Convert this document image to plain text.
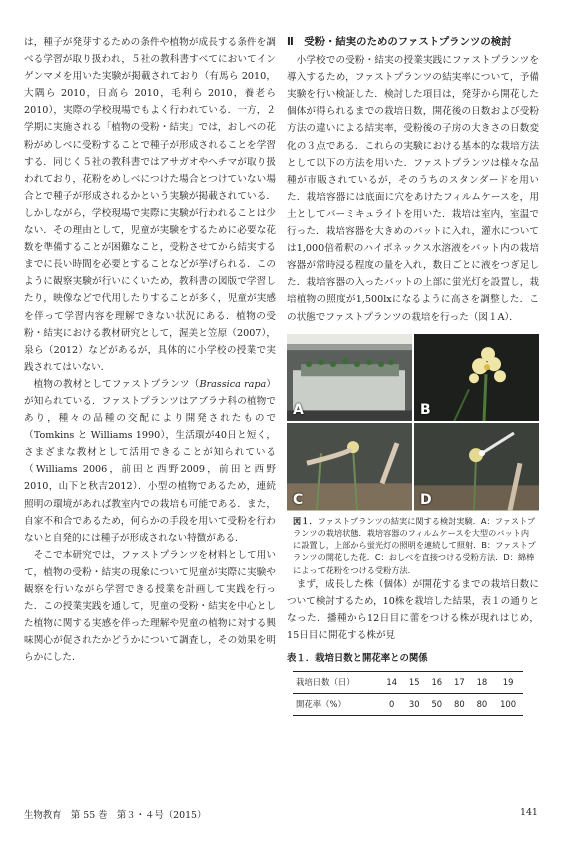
は，種子が発芽するための条件や植物が成長する条件を調べる学習が取り扱われ，５社の教科書すべてにおいてインゲンマメを用いた実験が掲載されており（有馬ら 2010，大隅ら 2010，日高ら 2010，毛利ら 2010，養老ら 2010），実際の学校現場でもよく行われている．一方，２学期に実施される「植物の受粉・結実」では，おしべの花粉がめしべに受粉することで種子が形成されることを学習する．同じく５社の教科書ではアサガオやヘチマが取り扱われており，花粉をめしべにつけた場合とつけていない場合とで種子が形成されるかという実験が掲載されている．しかしながら，学校現場で実際に実験が行われることは少ない．その理由として，児童が実験をするために必要な花数を準備することが困難なこと，受粉させてから結実するまでに長い時間を必要とすることなどが挙げられる．このように観察実験が行いにくいため，教科書の図版で学習したり，映像などで代用したりすることが多く，児童が実感を伴って学習内容を理解できない状況にある．植物の受粉・結実における教材研究として，渥美と笠原（2007），泉ら（2012）などがあるが，具体的に小学校の授業で実践されてはいない．

植物の教材としてファストプランツ（Brassica rapa）が知られている．ファストプランツはアブラナ科の植物であり，種々の品種の交配により開発されたもので（Tomkins と Williams 1990），生活環が40日と短く，さまざまな教材として活用できることが知られている（Williams 2006，前田と西野2009，前田と西野2010，山下と秋吉2012）．小型の植物であるため，連続照明の環境があれば教室内での栽培も可能である．また，自家不和合であるため，何らかの手段を用いて受粉を行わないと自発的には種子が形成されない特徴がある．

そこで本研究では，ファストプランツを材料として用いて，植物の受粉・結実の現象について児童が実際に実験や観察を行いながら学習できる授業を計画して実践を行った．この授業実践を通して，児童の受粉・結実を中心とした植物に関する実感を伴った理解や児童の植物に対する興味関心が促されたかどうかについて調査し，その効果を明らかにした．

Ⅱ　受粉・結実のためのファストプランツの検討

小学校での受粉・結実の授業実践にファストプランツを導入するため，ファストプランツの結実率について，予備実験を行い検証した．検討した項目は，発芽から開花した個体が得られるまでの栽培日数，開花後の日数および受粉方法の違いによる結実率，受粉後の子房の大きさの日数変化の３点である．これらの実験における基本的な栽培方法として以下の方法を用いた．ファストプランツは様々な品種が市販されているが，そのうちのスタンダードを用いた．栽培容器には底面に穴をあけたフィルムケースを，用土としてバーミキュライトを用いた．栽培は室内，室温で行った．栽培容器を大きめのバットに入れ，灌水については1,000倍希釈のハイポネックス水溶液をバット内の栽培容器が常時浸る程度の量を入れ，数日ごとに液をつぎ足した．栽培容器の入ったバットの上部に蛍光灯を設置し，栽培植物の照度が1,500lxになるように高さを調整した．この状態でファストプランツの栽培を行った（図１A）．

A	B
C	D
図１．ファストプランツの結実に関する検討実験．A：ファストプランツの栽培状態．栽培容器のフィルムケースを大型のバット内に設置し，上部から蛍光灯の照明を連続して照射．B：ファストプランツの開花した花．C：おしべを直接つける受粉方法．D：綿棒によって花粉をつける受粉方法．

まず，成長した株（個体）が開花するまでの栽培日数について検討するため，10株を栽培した結果，表１の通りとなった．播種から12日目に蕾をつける株が現れはじめ，15日目に開花する株が見

表１．栽培日数と開花率との関係
栽培日数（日）	14	15	16	17	18	19
開花率（%）	0	30	50	80	80	100
生物教育　第 55 巻　第３・４号（2015）	141
